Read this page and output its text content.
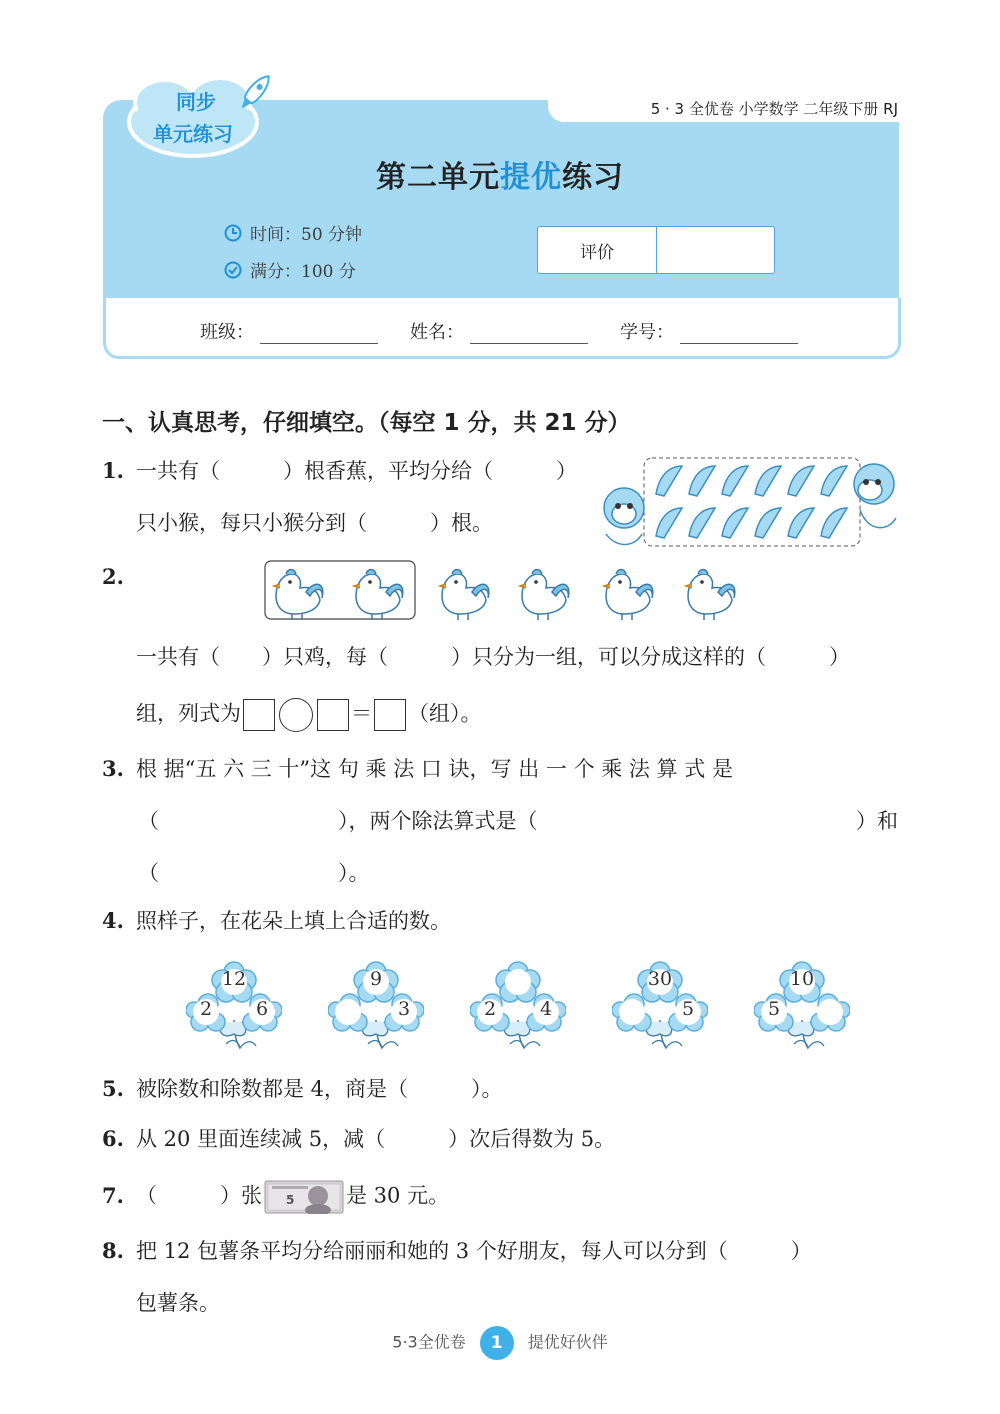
5 · 3 全优卷 小学数学 二年级下册 RJ
同步
单元练习
第二单元提优练习
时间：50 分钟
满分：100 分
评价
班级：	姓名：	学号：
一、认真思考，仔细填空。（每空 1 分，共 21 分）
1. 一共有（　　　）根香蕉，平均分给（　　　）
只小猴，每只小猴分到（　　　）根。
2.
一共有（　　）只鸡，每（　　　）只分为一组，可以分成这样的（　　　）
组，列式为	＝ （组）。
3. 根 据“五 六 三 十”这 句 乘 法 口 诀，写 出 一 个 乘 法 算 式 是
（	），两个除法算式是（	）和
（	）。
4. 照样子，在花朵上填上合适的数。
12
2	6
9
3	2	4
30
5
10
5
5. 被除数和除数都是 4，商是（　　　）。
6. 从 20 里面连续减 5，减（　　　）次后得数为 5。
7. （　　　）张 5 是 30 元。
8. 把 12 包薯条平均分给丽丽和她的 3 个好朋友，每人可以分到（　　　）
包薯条。
5·3全优卷 1 提优好伙伴
